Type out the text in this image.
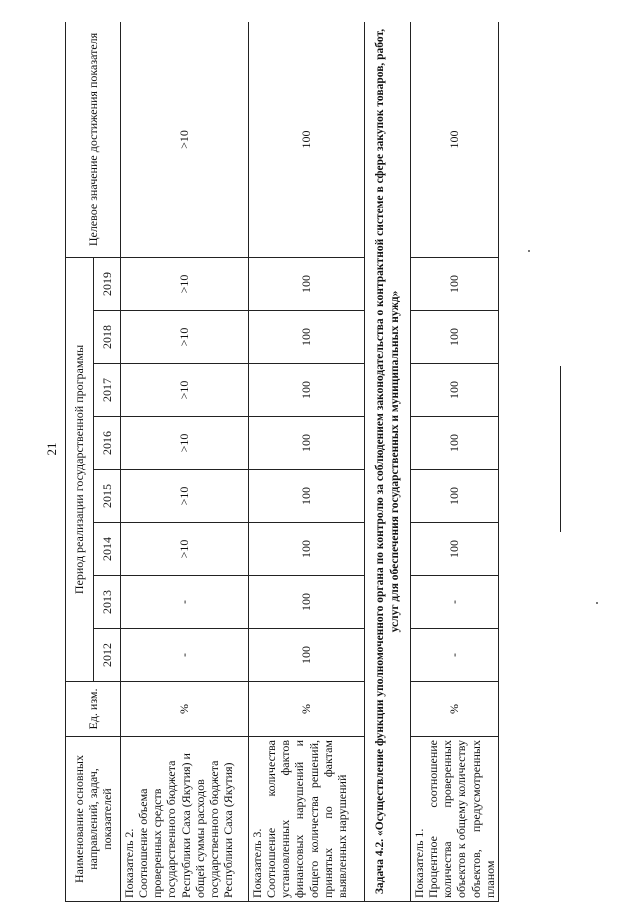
21
Наименование основных направлений, задач, показателей	Ед. изм.	Период реализации государственной программы								Целевое значение достижения показателя
		2012	2013	2014	2015	2016	2017	2018	2019	

Показатель 2. Соотношение объема проверенных средств государственного бюджета Республики Саха (Якутия) и общей суммы расходов государственного бюджета Республики Саха (Якутия)	%	-	-	>10	>10	>10	>10	>10	>10	>10

Показатель 3. Соотношение количества установленных фактов финансовых нарушений и общего количества решений, принятых по фактам выявленных нарушений	%	100	100	100	100	100	100	100	100	100
Задача 4.2. «Осуществление функции уполномоченного органа по контролю за соблюдением законодательства о контрактной системе в сфере закупок товаров, работ, услуг для обеспечения государственных и муниципальных нужд»										

Показатель 1. Процентное соотношение количества проверенных объектов к общему количеству объектов, предусмотренных планом	%	-	-	100	100	100	100	100	100	100
